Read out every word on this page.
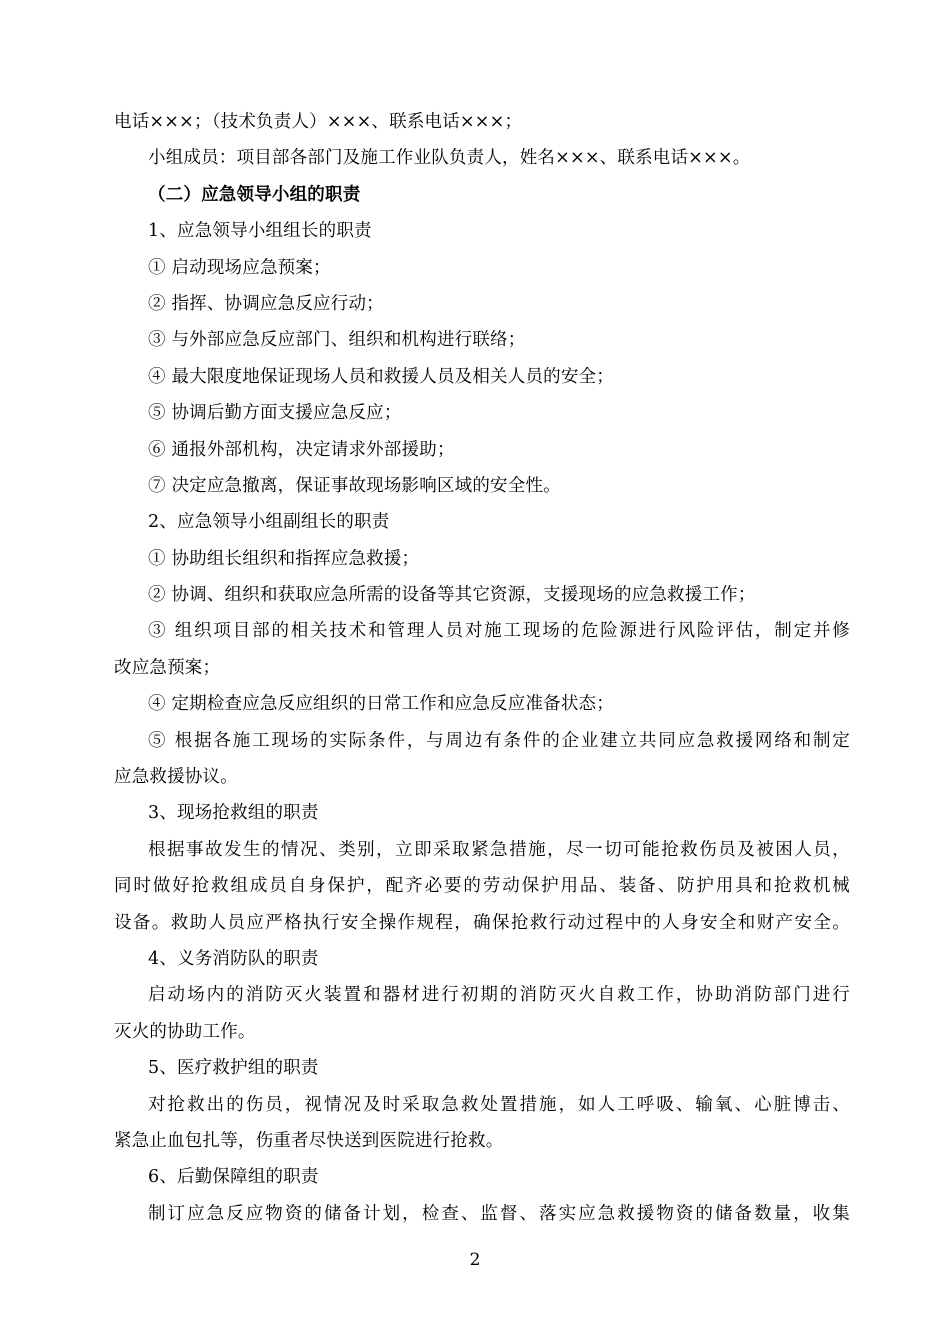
电话×××；（技术负责人）×××、联系电话×××；
小组成员：项目部各部门及施工作业队负责人，姓名×××、联系电话×××。
（二）应急领导小组的职责
1、应急领导小组组长的职责
① 启动现场应急预案；
② 指挥、协调应急反应行动；
③ 与外部应急反应部门、组织和机构进行联络；
④ 最大限度地保证现场人员和救援人员及相关人员的安全；
⑤ 协调后勤方面支援应急反应；
⑥ 通报外部机构，决定请求外部援助；
⑦ 决定应急撤离，保证事故现场影响区域的安全性。
2、应急领导小组副组长的职责
① 协助组长组织和指挥应急救援；
② 协调、组织和获取应急所需的设备等其它资源，支援现场的应急救援工作；
③ 组织项目部的相关技术和管理人员对施工现场的危险源进行风险评估，制定并修
改应急预案；
④ 定期检查应急反应组织的日常工作和应急反应准备状态；
⑤ 根据各施工现场的实际条件，与周边有条件的企业建立共同应急救援网络和制定
应急救援协议。
3、现场抢救组的职责
根据事故发生的情况、类别，立即采取紧急措施，尽一切可能抢救伤员及被困人员，
同时做好抢救组成员自身保护，配齐必要的劳动保护用品、装备、防护用具和抢救机械
设备。救助人员应严格执行安全操作规程，确保抢救行动过程中的人身安全和财产安全。
4、义务消防队的职责
启动场内的消防灭火装置和器材进行初期的消防灭火自救工作，协助消防部门进行
灭火的协助工作。
5、医疗救护组的职责
对抢救出的伤员，视情况及时采取急救处置措施，如人工呼吸、输氧、心脏博击、
紧急止血包扎等，伤重者尽快送到医院进行抢救。
6、后勤保障组的职责
制订应急反应物资的储备计划，检查、监督、落实应急救援物资的储备数量，收集
2
